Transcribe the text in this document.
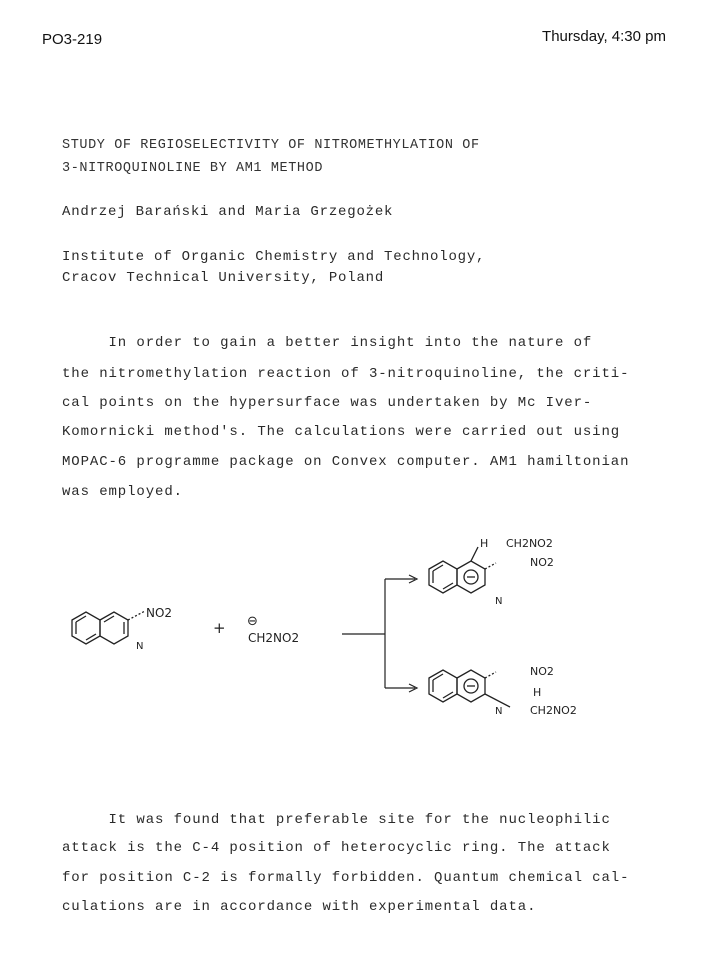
PO3-219	Thursday, 4:30 pm
STUDY OF REGIOSELECTIVITY OF NITROMETHYLATION OF
3-NITROQUINOLINE BY AM1 METHOD
Andrzej Barański and Maria Grzegożek
Institute of Organic Chemistry and Technology,
Cracov Technical University, Poland
In order to gain a better insight into the nature of
the nitromethylation reaction of 3-nitroquinoline, the criti-
cal points on the hypersurface was undertaken by Mc Iver-
Komornicki method's. The calculations were carried out using
MOPAC-6 programme package on Convex computer. AM1 hamiltonian
was employed.
NO2
N
+ ⊖
CH2NO2
H CH2NO2
NO2
N
NO2
H
CH2NO2
N
It was found that preferable site for the nucleophilic
attack is the C-4 position of heterocyclic ring. The attack
for position C-2 is formally forbidden. Quantum chemical cal-
culations are in accordance with experimental data.
